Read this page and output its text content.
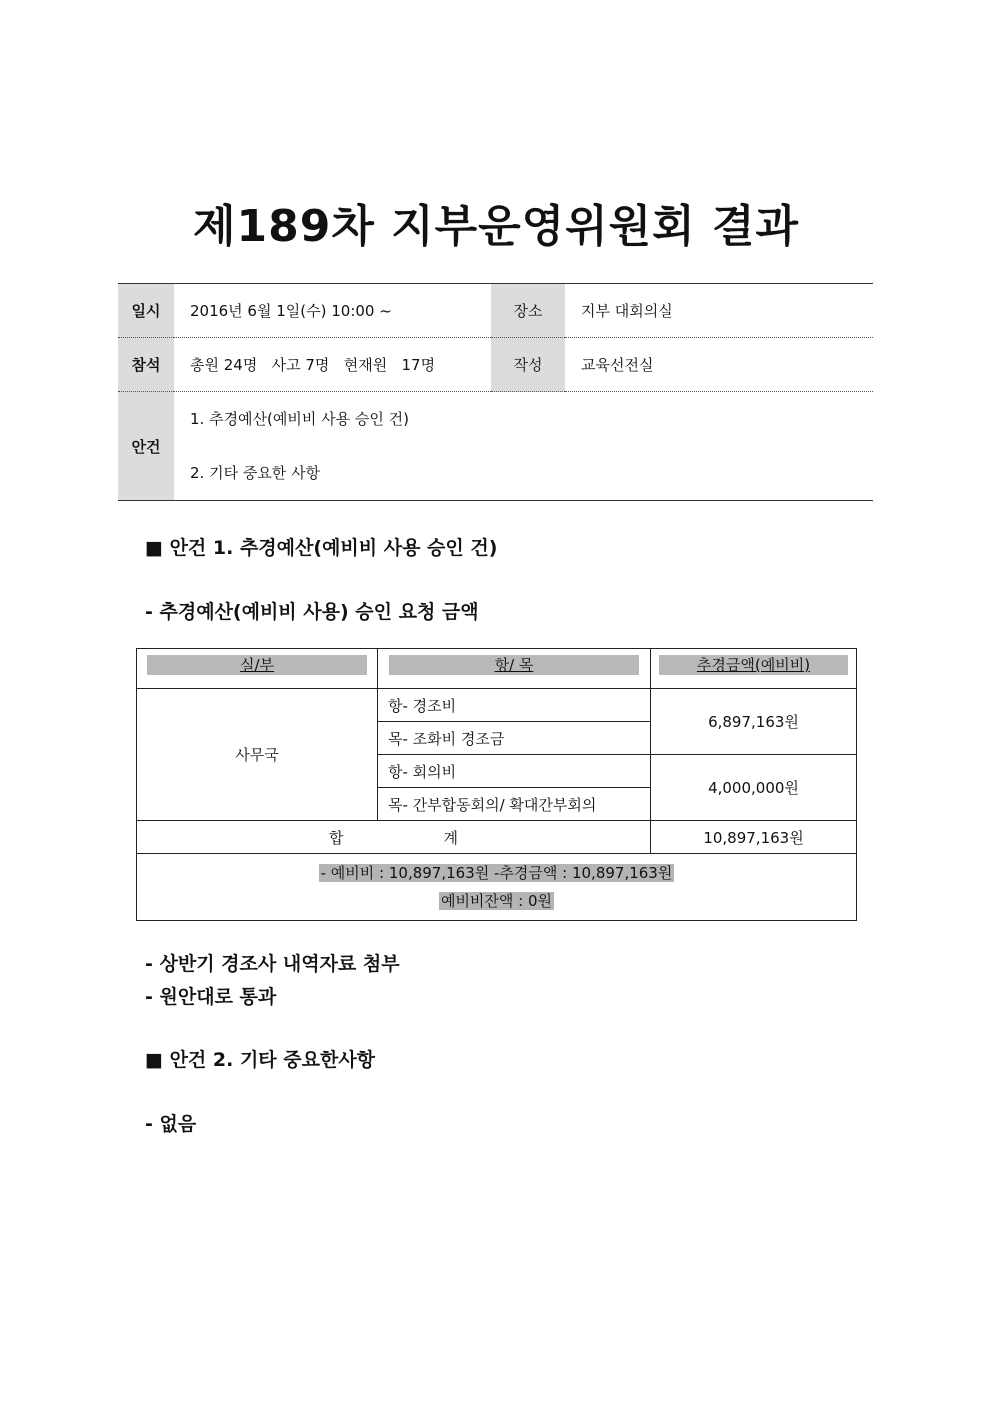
제189차 지부운영위원회 결과
일시	2016년 6월 1일(수) 10:00 ~	장소	지부 대회의실
참석	총원 24명   사고 7명   현재원   17명	작성	교육선전실
안건	1. 추경예산(예비비 사용 승인 건)
2. 기타 중요한 사항		
■ 안건 1. 추경예산(예비비 사용 승인 건)
- 추경예산(예비비 사용) 승인 요청 금액
실/부	항/ 목	추경금액(예비비)
사무국	항- 경조비	6,897,163원
	목- 조화비 경조금	
	항- 회의비	4,000,000원
	목- 간부합동회의/ 확대간부회의	
합 계		10,897,163원
- 예비비 : 10,897,163원 -추경금액 : 10,897,163원
예비비잔액 : 0원		
- 상반기 경조사 내역자료 첨부
- 원안대로 통과
■ 안건 2. 기타 중요한사항
- 없음
